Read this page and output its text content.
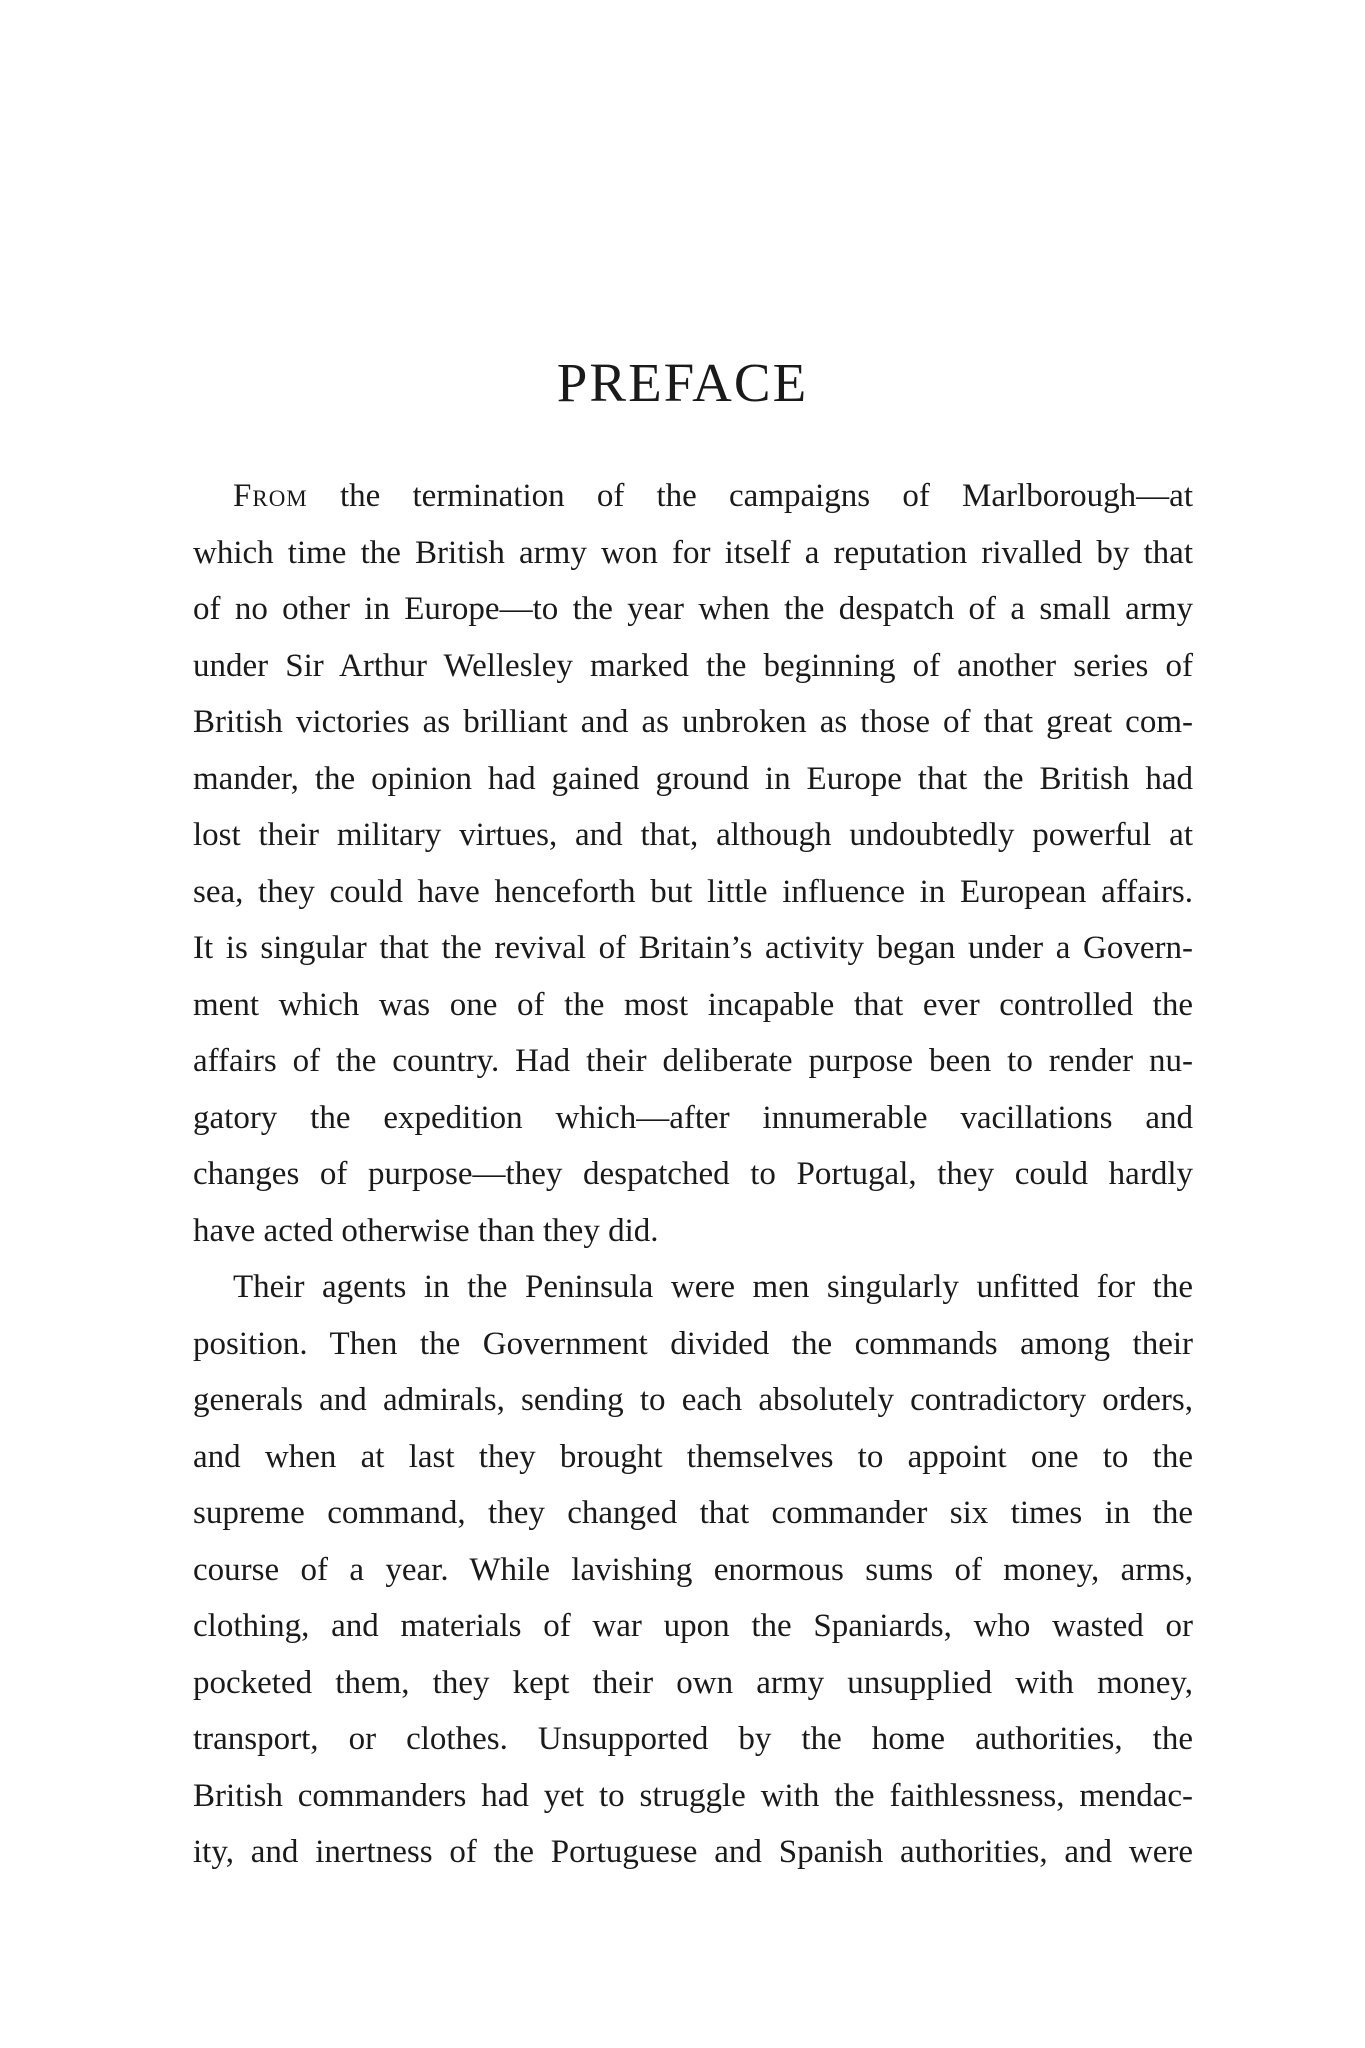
PREFACE
From the termination of the campaigns of Marlborough—at
which time the British army won for itself a reputation rivalled by that
of no other in Europe—to the year when the despatch of a small army
under Sir Arthur Wellesley marked the beginning of another series of
British victories as brilliant and as unbroken as those of that great com-
mander, the opinion had gained ground in Europe that the British had
lost their military virtues, and that, although undoubtedly powerful at
sea, they could have henceforth but little influence in European affairs.
It is singular that the revival of Britain’s activity began under a Govern-
ment which was one of the most incapable that ever controlled the
affairs of the country. Had their deliberate purpose been to render nu-
gatory the expedition which—after innumerable vacillations and
changes of purpose—they despatched to Portugal, they could hardly
have acted otherwise than they did.
Their agents in the Peninsula were men singularly unfitted for the
position. Then the Government divided the commands among their
generals and admirals, sending to each absolutely contradictory orders,
and when at last they brought themselves to appoint one to the
supreme command, they changed that commander six times in the
course of a year. While lavishing enormous sums of money, arms,
clothing, and materials of war upon the Spaniards, who wasted or
pocketed them, they kept their own army unsupplied with money,
transport, or clothes. Unsupported by the home authorities, the
British commanders had yet to struggle with the faithlessness, mendac-
ity, and inertness of the Portuguese and Spanish authorities, and were
